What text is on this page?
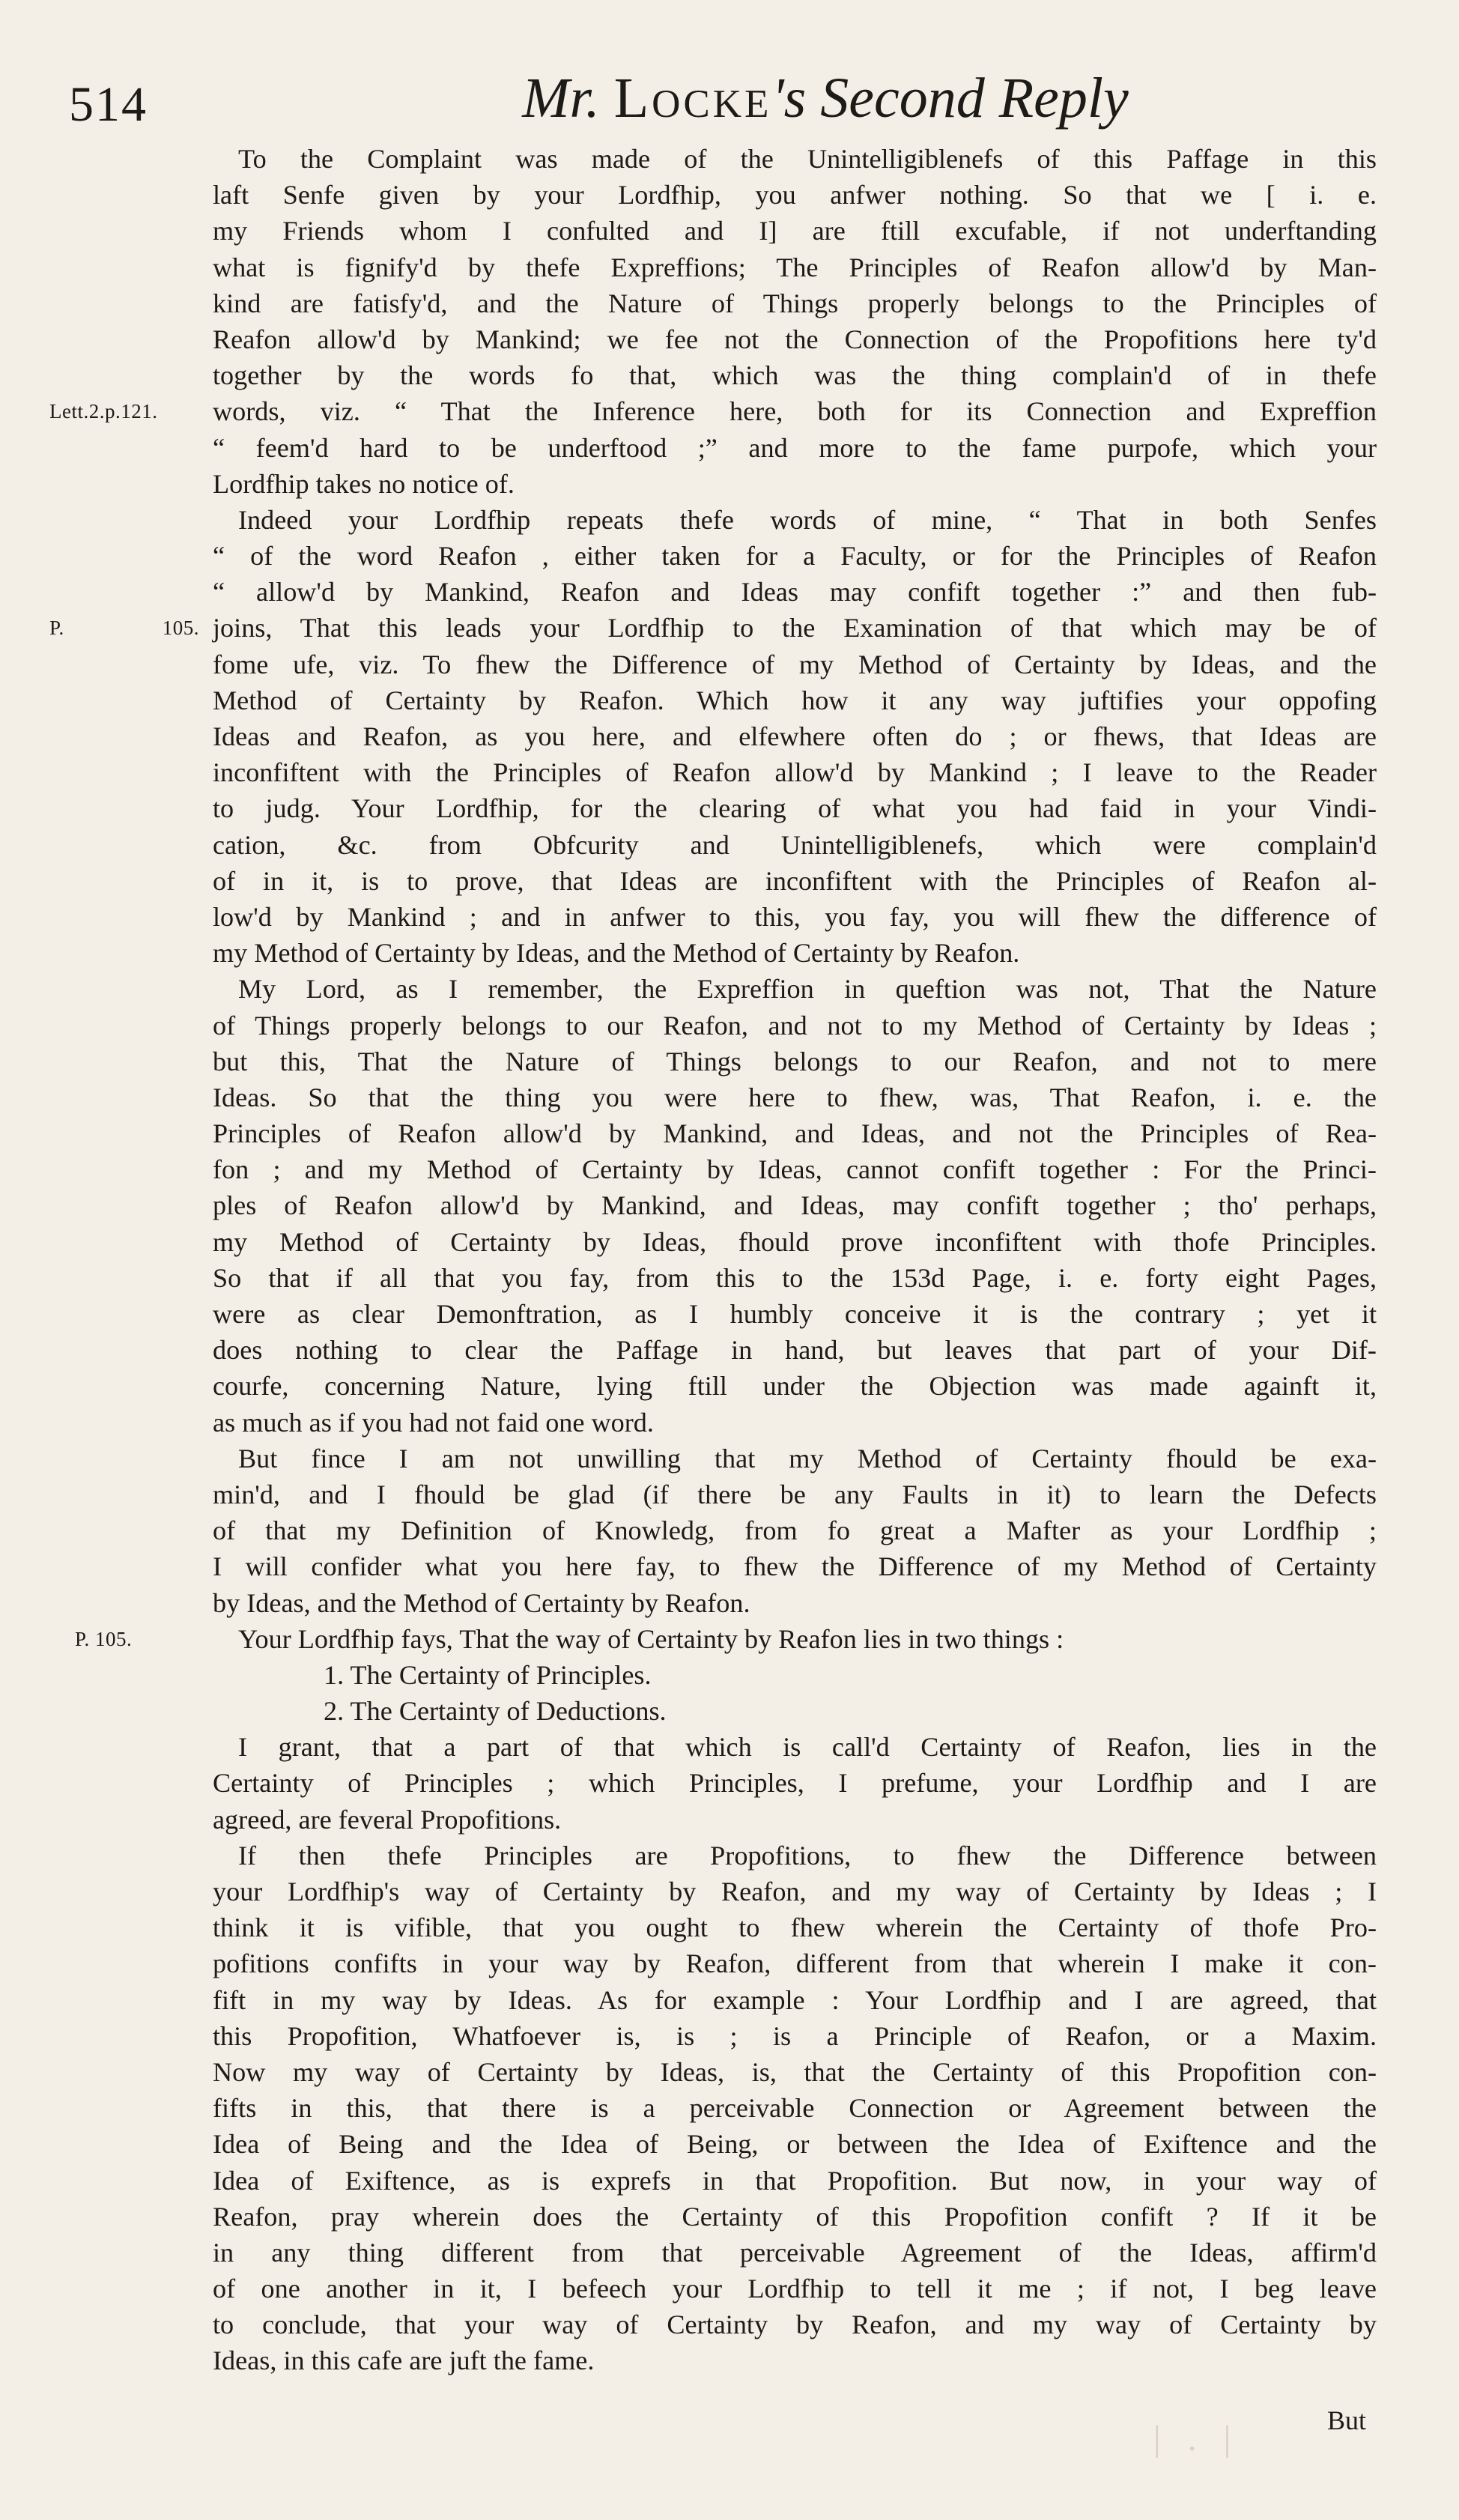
514	Mr. Locke's Second Reply
To the Complaint was made of the Unintelligiblenefs of this Paffage in this
laft Senfe given by your Lordfhip, you anfwer nothing. So that we [ i. e.
my Friends whom I confulted and I] are ftill excufable, if not underftanding
what is fignify'd by thefe Expreffions; The Principles of Reafon allow'd by Man-
kind are fatisfy'd, and the Nature of Things properly belongs to the Principles of
Reafon allow'd by Mankind; we fee not the Connection of the Propofitions here ty'd
together by the words fo that, which was the thing complain'd of in thefe
Lett.2.p.121.	words, viz. “ That the Inference here, both for its Connection and Expreffion
“ feem'd hard to be underftood ;” and more to the fame purpofe, which your
Lordfhip takes no notice of.
Indeed your Lordfhip repeats thefe words of mine, “ That in both Senfes
“ of the word Reafon , either taken for a Faculty, or for the Principles of Reafon
“ allow'd by Mankind, Reafon and Ideas may confift together :” and then fub-
P. 105. joins, That this leads your Lordfhip to the Examination of that which may be of
fome ufe, viz. To fhew the Difference of my Method of Certainty by Ideas, and the
Method of Certainty by Reafon. Which how it any way juftifies your oppofing
Ideas and Reafon, as you here, and elfewhere often do ; or fhews, that Ideas are
inconfiftent with the Principles of Reafon allow'd by Mankind ; I leave to the Reader
to judg. Your Lordfhip, for the clearing of what you had faid in your Vindi-
cation, &c. from Obfcurity and Unintelligiblenefs, which were complain'd
of in it, is to prove, that Ideas are inconfiftent with the Principles of Reafon al-
low'd by Mankind ; and in anfwer to this, you fay, you will fhew the difference of
my Method of Certainty by Ideas, and the Method of Certainty by Reafon.
My Lord, as I remember, the Expreffion in queftion was not, That the Nature
of Things properly belongs to our Reafon, and not to my Method of Certainty by Ideas ;
but this, That the Nature of Things belongs to our Reafon, and not to mere
Ideas. So that the thing you were here to fhew, was, That Reafon, i. e. the
Principles of Reafon allow'd by Mankind, and Ideas, and not the Principles of Rea-
fon ; and my Method of Certainty by Ideas, cannot confift together : For the Princi-
ples of Reafon allow'd by Mankind, and Ideas, may confift together ; tho' perhaps,
my Method of Certainty by Ideas, fhould prove inconfiftent with thofe Principles.
So that if all that you fay, from this to the 153d Page, i. e. forty eight Pages,
were as clear Demonftration, as I humbly conceive it is the contrary ; yet it
does nothing to clear the Paffage in hand, but leaves that part of your Dif-
courfe, concerning Nature, lying ftill under the Objection was made againft it,
as much as if you had not faid one word.
But fince I am not unwilling that my Method of Certainty fhould be exa-
min'd, and I fhould be glad (if there be any Faults in it) to learn the Defects
of that my Definition of Knowledg, from fo great a Mafter as your Lordfhip ;
I will confider what you here fay, to fhew the Difference of my Method of Certainty
by Ideas, and the Method of Certainty by Reafon.
P. 105.	Your Lordfhip fays, That the way of Certainty by Reafon lies in two things :
1. The Certainty of Principles.
2. The Certainty of Deductions.
I grant, that a part of that which is call'd Certainty of Reafon, lies in the
Certainty of Principles ; which Principles, I prefume, your Lordfhip and I are
agreed, are feveral Propofitions.
If then thefe Principles are Propofitions, to fhew the Difference between
your Lordfhip's way of Certainty by Reafon, and my way of Certainty by Ideas ; I
think it is vifible, that you ought to fhew wherein the Certainty of thofe Pro-
pofitions confifts in your way by Reafon, different from that wherein I make it con-
fift in my way by Ideas. As for example : Your Lordfhip and I are agreed, that
this Propofition, Whatfoever is, is ; is a Principle of Reafon, or a Maxim.
Now my way of Certainty by Ideas, is, that the Certainty of this Propofition con-
fifts in this, that there is a perceivable Connection or Agreement between the
Idea of Being and the Idea of Being, or between the Idea of Exiftence and the
Idea of Exiftence, as is exprefs in that Propofition. But now, in your way of
Reafon, pray wherein does the Certainty of this Propofition confift ? If it be
in any thing different from that perceivable Agreement of the Ideas, affirm'd
of one another in it, I befeech your Lordfhip to tell it me ; if not, I beg leave
to conclude, that your way of Certainty by Reafon, and my way of Certainty by
Ideas, in this cafe are juft the fame.
But
| . |
